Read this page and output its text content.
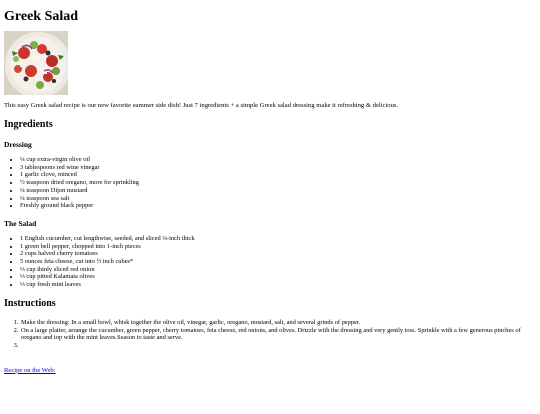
Greek Salad

This easy Greek salad recipe is our new favorite summer side dish! Just 7 ingredients + a simple Greek salad dressing make it refreshing & delicious.

Ingredients
Dressing
• ¼ cup extra-virgin olive oil
• 3 tablespoons red wine vinegar
• 1 garlic clove, minced
• ½ teaspoon dried oregano, more for sprinkling
• ¼ teaspoon Dijon mustard
• ¼ teaspoon sea salt
• Freshly ground black pepper
The Salad
• 1 English cucumber, cut lengthwise, seeded, and sliced ¼-inch thick
• 1 green bell pepper, chopped into 1-inch pieces
• 2 cups halved cherry tomatoes
• 5 ounces feta cheese, cut into ½ inch cubes*
• ⅓ cup thinly sliced red onion
• ⅓ cup pitted Kalamata olives
• ⅓ cup fresh mint leaves
Instructions
1. Make the dressing: In a small bowl, whisk together the olive oil, vinegar, garlic, oregano, mustard, salt, and several grinds of pepper.
2. On a large platter, arrange the cucumber, green pepper, cherry tomatoes, feta cheese, red onions, and olives. Drizzle with the dressing and very gently toss. Sprinkle with a few generous pinches of oregano and top with the mint leaves.Season to taste and serve.
3.
Recipe on the Web:
